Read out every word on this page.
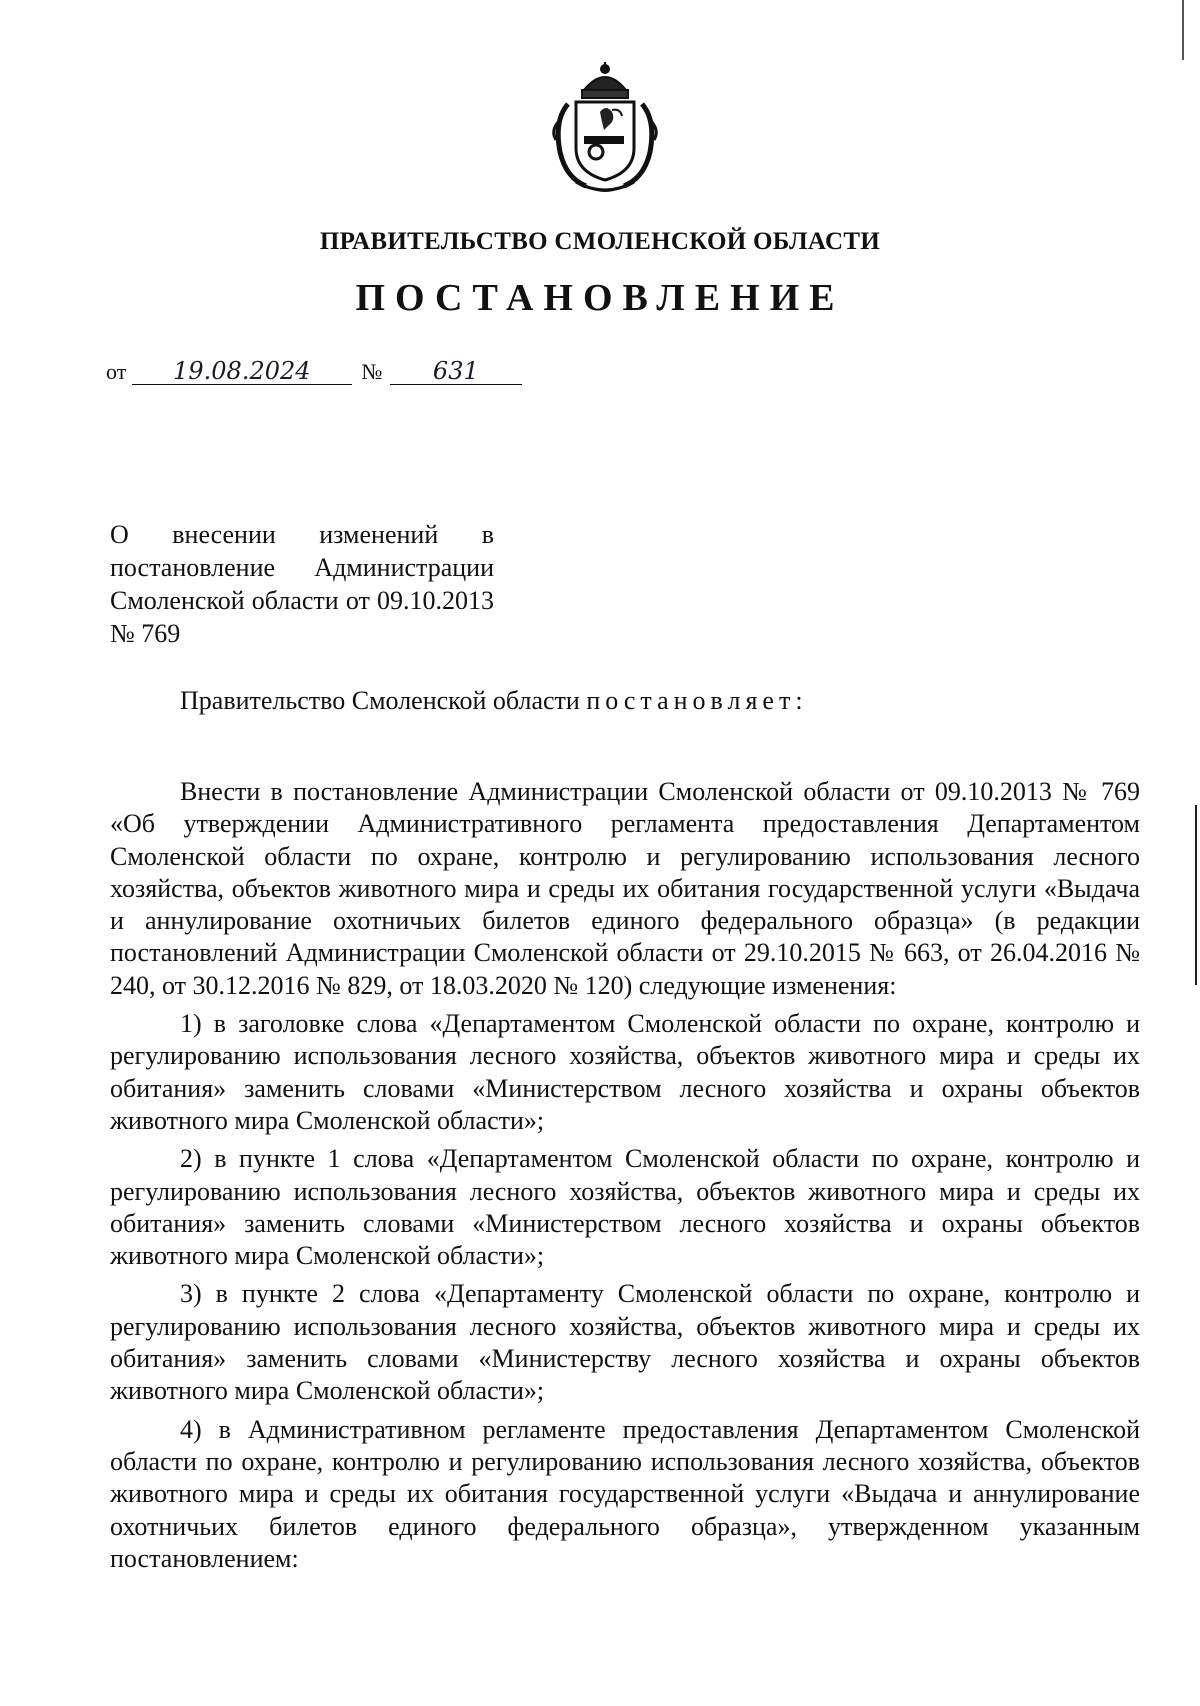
ПРАВИТЕЛЬСТВО СМОЛЕНСКОЙ ОБЛАСТИ
ПОСТАНОВЛЕНИЕ
от 19.08.2024 № 631
О внесении изменений в постановление Администрации Смоленской области от 09.10.2013 № 769
Правительство Смоленской области постановляет:

Внести в постановление Администрации Смоленской области от 09.10.2013 № 769 «Об утверждении Административного регламента предоставления Департаментом Смоленской области по охране, контролю и регулированию использования лесного хозяйства, объектов животного мира и среды их обитания государственной услуги «Выдача и аннулирование охотничьих билетов единого федерального образца» (в редакции постановлений Администрации Смоленской области от 29.10.2015 № 663, от 26.04.2016 № 240, от 30.12.2016 № 829, от 18.03.2020 № 120) следующие изменения:

1) в заголовке слова «Департаментом Смоленской области по охране, контролю и регулированию использования лесного хозяйства, объектов животного мира и среды их обитания» заменить словами «Министерством лесного хозяйства и охраны объектов животного мира Смоленской области»;

2) в пункте 1 слова «Департаментом Смоленской области по охране, контролю и регулированию использования лесного хозяйства, объектов животного мира и среды их обитания» заменить словами «Министерством лесного хозяйства и охраны объектов животного мира Смоленской области»;

3) в пункте 2 слова «Департаменту Смоленской области по охране, контролю и регулированию использования лесного хозяйства, объектов животного мира и среды их обитания» заменить словами «Министерству лесного хозяйства и охраны объектов животного мира Смоленской области»;

4) в Административном регламенте предоставления Департаментом Смоленской области по охране, контролю и регулированию использования лесного хозяйства, объектов животного мира и среды их обитания государственной услуги «Выдача и аннулирование охотничьих билетов единого федерального образца», утвержденном указанным постановлением:
